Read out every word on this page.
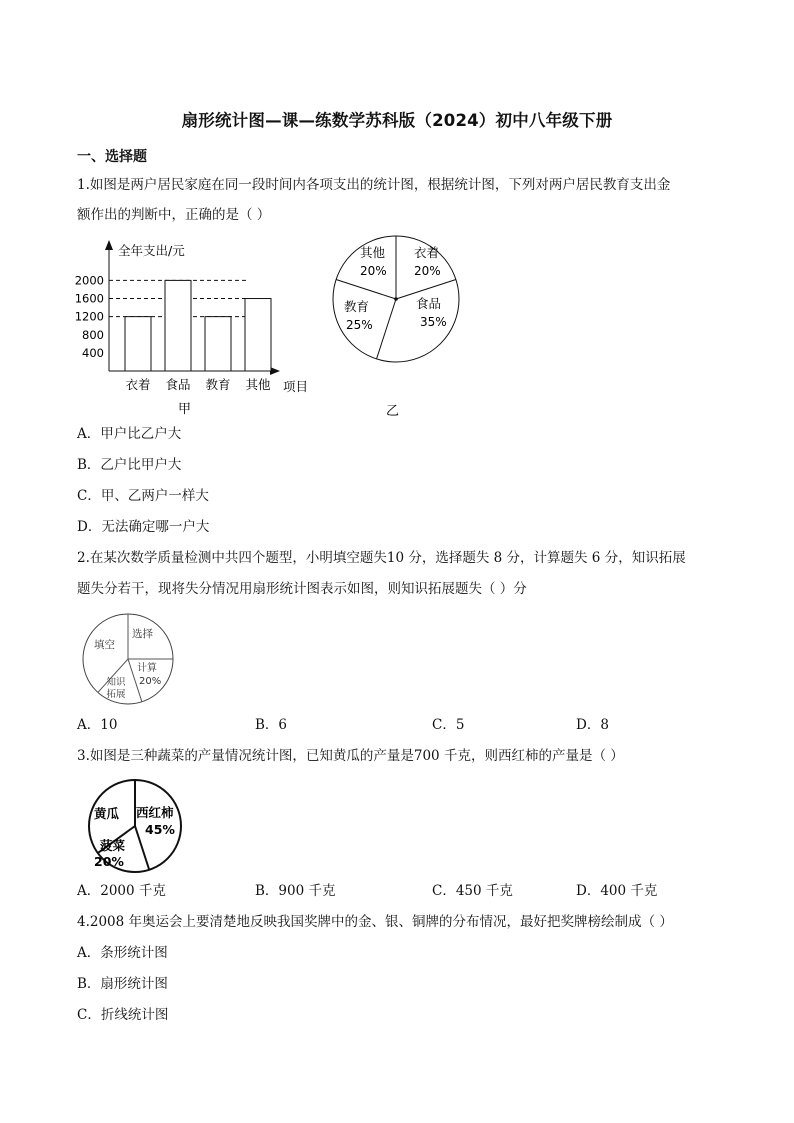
扇形统计图—课—练数学苏科版（2024）初中八年级下册
一、选择题
1.如图是两户居民家庭在同一段时间内各项支出的统计图，根据统计图，下列对两户居民教育支出金
额作出的判断中，正确的是（ ）
全年支出/元
项目
400
800
1200
1600
2000
衣着 食品 教育 其他
甲
衣着
20%
食品
35%
教育
25%
其他
20%
乙
A．甲户比乙户大
B．乙户比甲户大
C．甲、乙两户一样大
D．无法确定哪一户大
2.在某次数学质量检测中共四个题型，小明填空题失10 分，选择题失 8 分，计算题失 6 分，知识拓展
题失分若干，现将失分情况用扇形统计图表示如图，则知识拓展题失（ ）分
填空
选择
计算
20%
知识
拓展
A．10	B．6	C．5	D．8
3.如图是三种蔬菜的产量情况统计图，已知黄瓜的产量是700 千克，则西红柿的产量是（ ）
黄瓜 西红柿
45%
菠菜
20%
A．2000 千克	B．900 千克	C．450 千克	D．400 千克
4.2008 年奥运会上要清楚地反映我国奖牌中的金、银、铜牌的分布情况，最好把奖牌榜绘制成（ ）
A．条形统计图
B．扇形统计图
C．折线统计图
